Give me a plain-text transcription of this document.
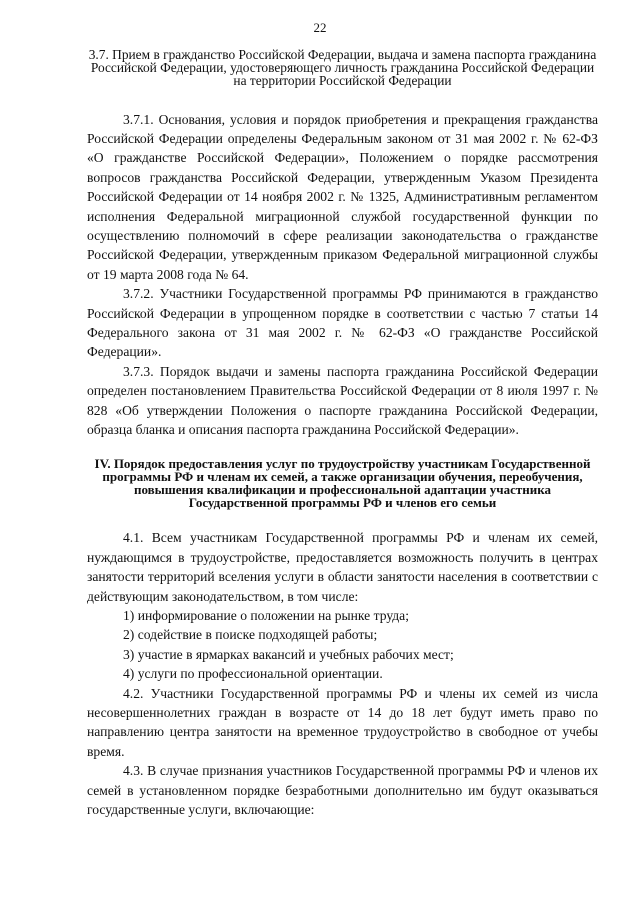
22
3.7. Прием в гражданство Российской Федерации, выдача и замена паспорта гражданина Российской Федерации, удостоверяющего личность гражданина Российской Федерации на территории Российской Федерации

3.7.1. Основания, условия и порядок приобретения и прекращения гражданства Российской Федерации определены Федеральным законом от 31 мая 2002 г. № 62-ФЗ «О гражданстве Российской Федерации», Положением о порядке рассмотрения вопросов гражданства Российской Федерации, утвержденным Указом Президента Российской Федерации от 14 ноября 2002 г. № 1325, Административным регламентом исполнения Федеральной миграционной службой государственной функции по осуществлению полномочий в сфере реализации законодательства о гражданстве Российской Федерации, утвержденным приказом Федеральной миграционной службы от 19 марта 2008 года № 64.

3.7.2. Участники Государственной программы РФ принимаются в гражданство Российской Федерации в упрощенном порядке в соответствии с частью 7 статьи 14 Федерального закона от 31 мая 2002 г. № 62-ФЗ «О гражданстве Российской Федерации».

3.7.3. Порядок выдачи и замены паспорта гражданина Российской Федерации определен постановлением Правительства Российской Федерации от 8 июля 1997 г. № 828 «Об утверждении Положения о паспорте гражданина Российской Федерации, образца бланка и описания паспорта гражданина Российской Федерации».

IV. Порядок предоставления услуг по трудоустройству участникам Государственной программы РФ и членам их семей, а также организации обучения, переобучения, повышения квалификации и профессиональной адаптации участника Государственной программы РФ и членов его семьи

4.1. Всем участникам Государственной программы РФ и членам их семей, нуждающимся в трудоустройстве, предоставляется возможность получить в центрах занятости территорий вселения услуги в области занятости населения в соответствии с действующим законодательством, в том числе:

1) информирование о положении на рынке труда;

2) содействие в поиске подходящей работы;

3) участие в ярмарках вакансий и учебных рабочих мест;

4) услуги по профессиональной ориентации.

4.2. Участники Государственной программы РФ и члены их семей из числа несовершеннолетних граждан в возрасте от 14 до 18 лет будут иметь право по направлению центра занятости на временное трудоустройство в свободное от учебы время.

4.3. В случае признания участников Государственной программы РФ и членов их семей в установленном порядке безработными дополнительно им будут оказываться государственные услуги, включающие:
